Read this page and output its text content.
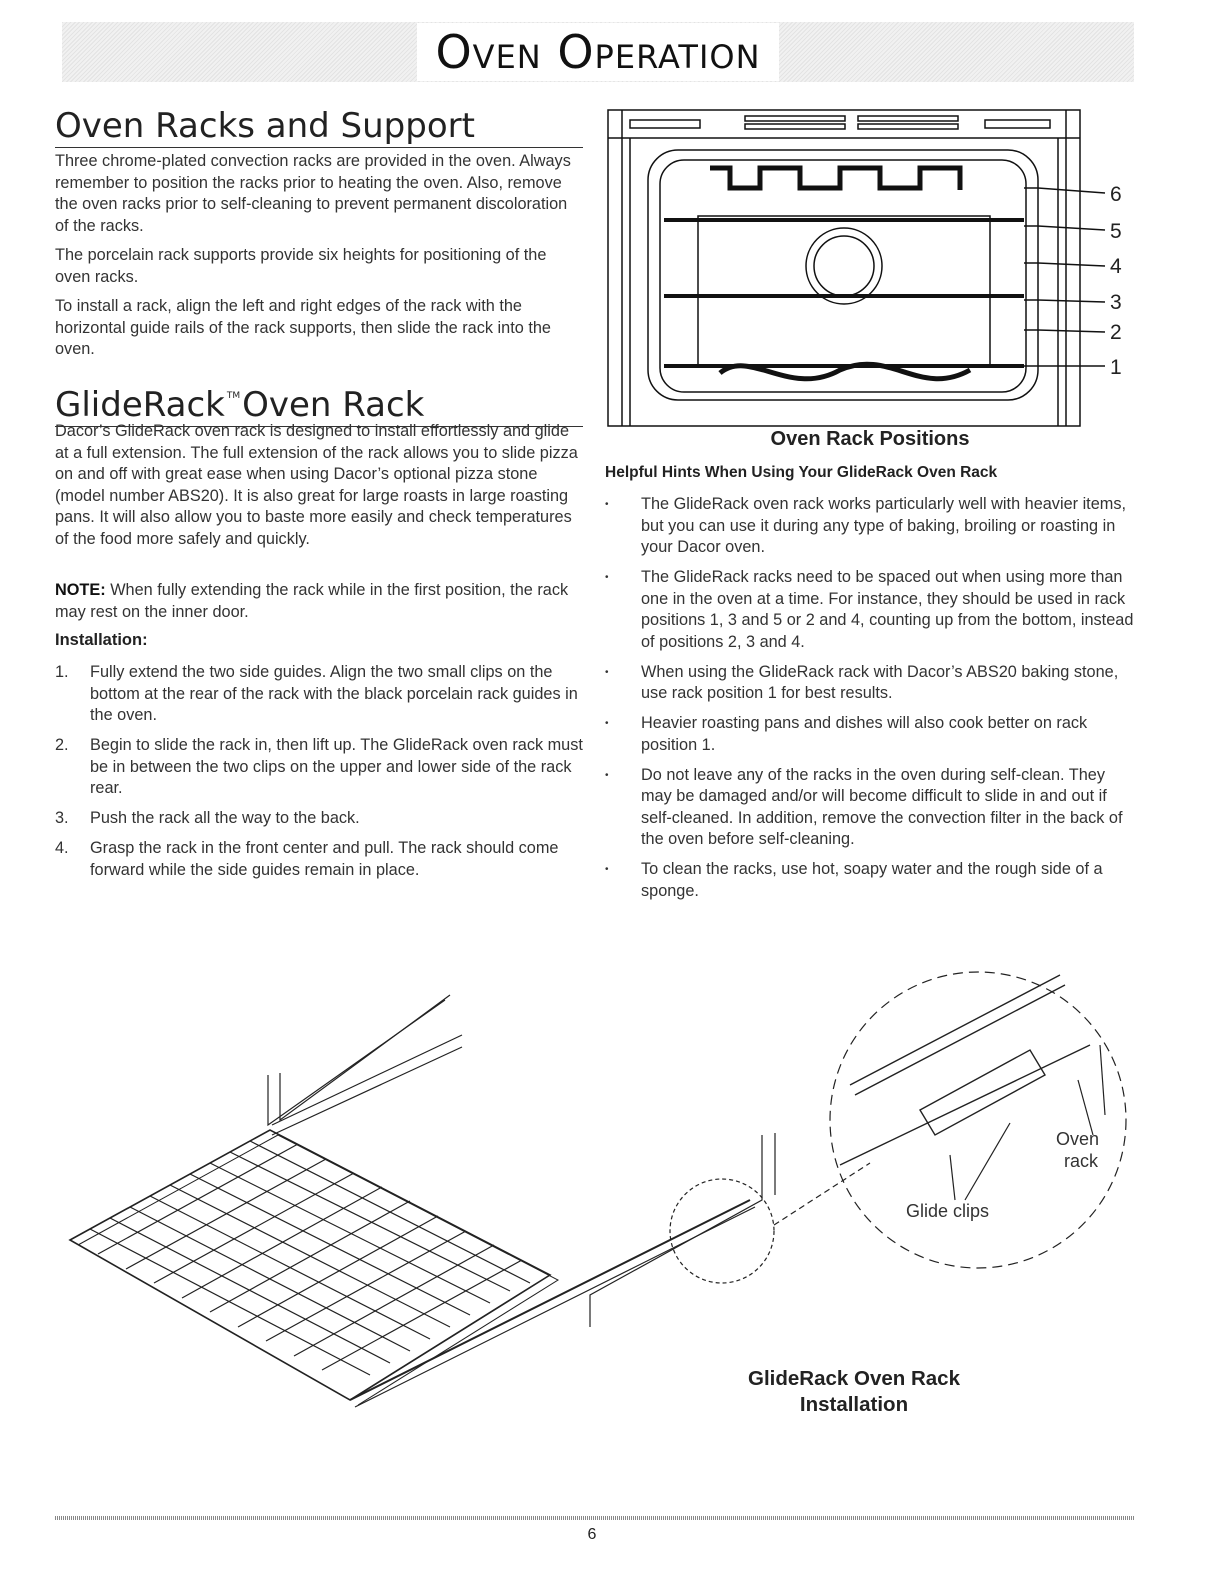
Oven Operation
Oven Racks and Support

Three chrome-plated convection racks are provided in the oven. Always remember to position the racks prior to heating the oven. Also, remove the oven racks prior to self-cleaning to prevent permanent discoloration of the racks.

The porcelain rack supports provide six heights for positioning of the oven racks.

To install a rack, align the left and right edges of the rack with the horizontal guide rails of the rack supports, then slide the rack into the oven.

GlideRack ™Oven Rack

Dacor’s GlideRack oven rack is designed to install effortlessly and glide at a full extension. The full extension of the rack allows you to slide pizza on and off with great ease when using Dacor’s optional pizza stone (model number ABS20). It is also great for large roasts in large roasting pans. It will also allow you to baste more easily and check temperatures of the food more safely and quickly.

NOTE: When fully extending the rack while in the first position, the rack may rest on the inner door.

Installation:

1. Fully extend the two side guides. Align the two small clips on the bottom at the rear of the rack with the black porcelain rack guides in the oven.
2. Begin to slide the rack in, then lift up. The GlideRack oven rack must be in between the two clips on the upper and lower side of the rack rear.
3. Push the rack all the way to the back.
4. Grasp the rack in the front center and pull. The rack should come forward while the side guides remain in place.
6
5
4
3
2
1

Oven Rack Positions

Helpful Hints When Using Your GlideRack Oven Rack

• The GlideRack oven rack works particularly well with heavier items, but you can use it during any type of baking, broiling or roasting in your Dacor oven.
• The GlideRack racks need to be spaced out when using more than one in the oven at a time. For instance, they should be used in rack positions 1, 3 and 5 or 2 and 4, counting up from the bottom, instead of positions 2, 3 and 4.
• When using the GlideRack rack with Dacor’s ABS20 baking stone, use rack position 1 for best results.
• Heavier roasting pans and dishes will also cook better on rack position 1.
• Do not leave any of the racks in the oven during self-clean. They may be damaged and/or will become difficult to slide in and out if self-cleaned. In addition, remove the convection filter in the back of the oven before self-cleaning.
• To clean the racks, use hot, soapy water and the rough side of a sponge.
Oven
rack
Glide clips

GlideRack Oven Rack
Installation

6
